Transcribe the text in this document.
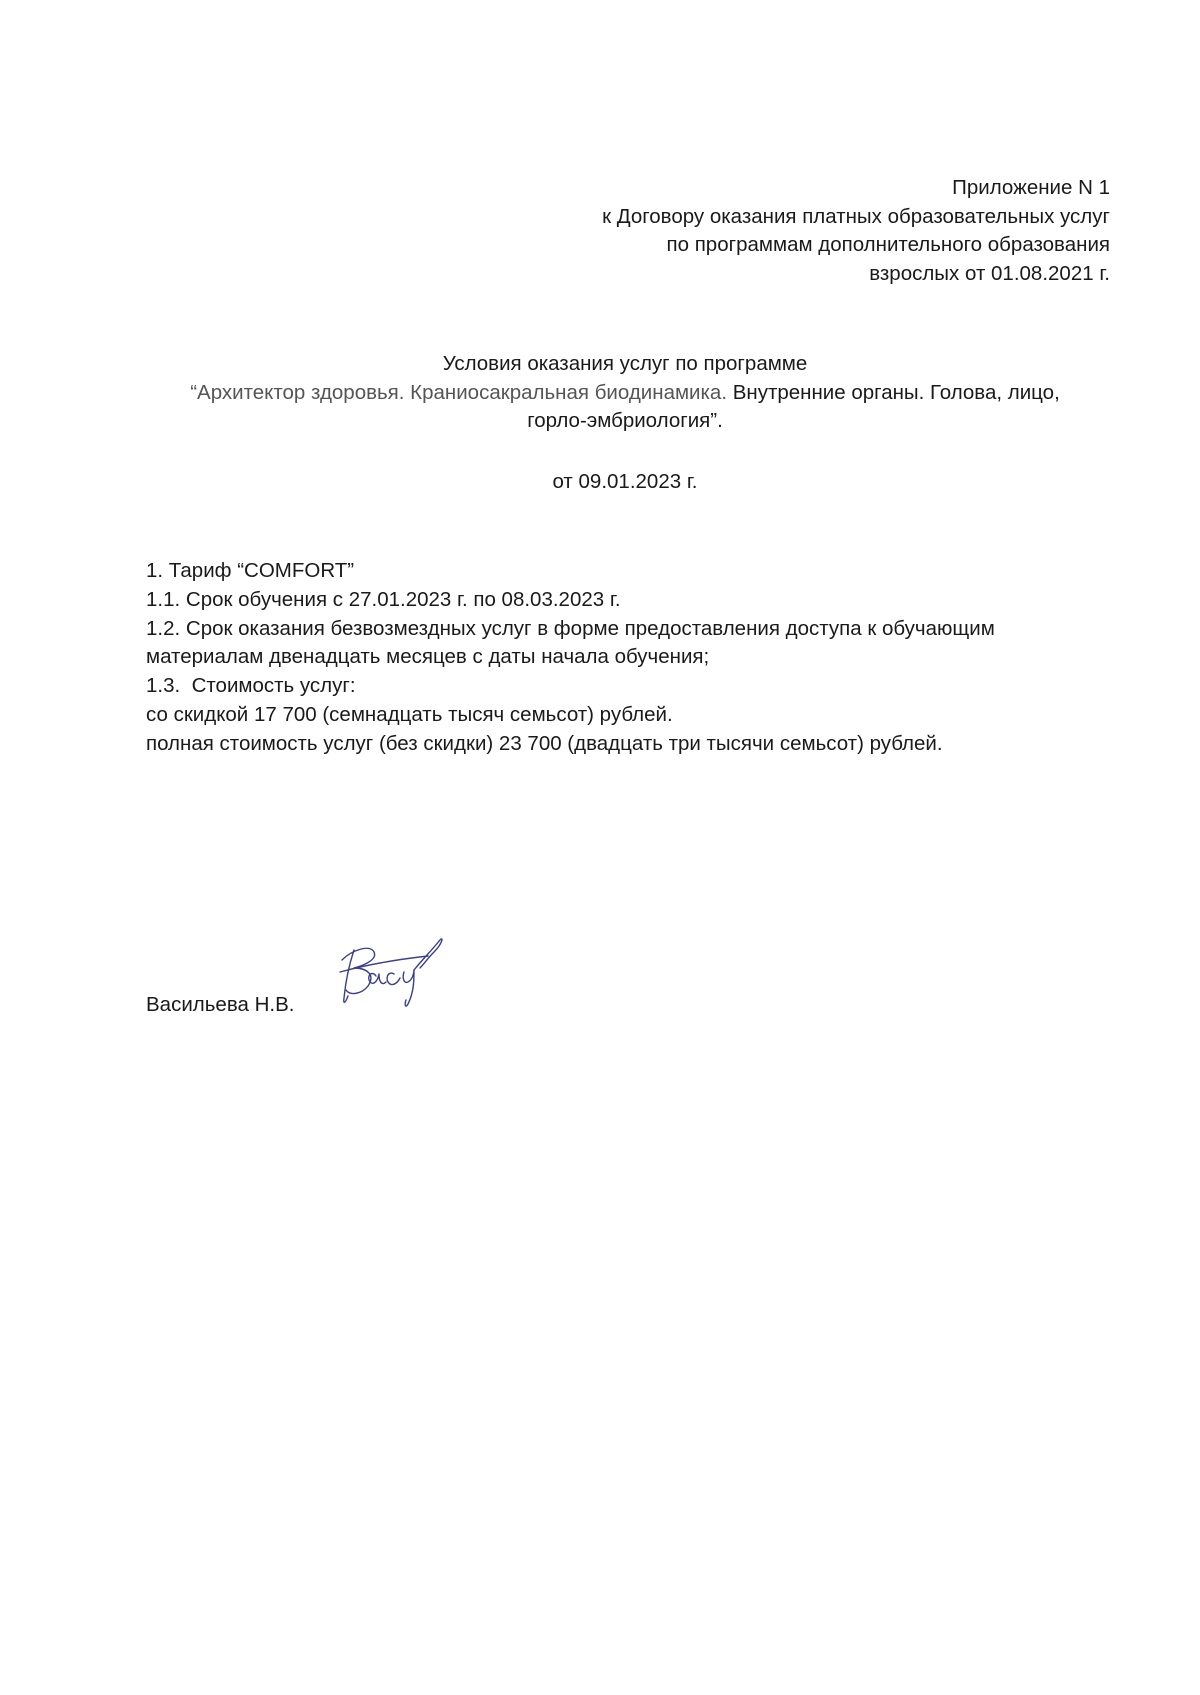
Приложение N 1
к Договору оказания платных образовательных услуг
по программам дополнительного образования
взрослых от 01.08.2021 г.
Условия оказания услуг по программе
“Архитектор здоровья. Краниосакральная биодинамика. Внутренние органы. Голова, лицо,
горло-эмбриология”.
от 09.01.2023 г.
1. Тариф “COMFORT”
1.1. Срок обучения с 27.01.2023 г. по 08.03.2023 г.
1.2. Срок оказания безвозмездных услуг в форме предоставления доступа к обучающим
материалам двенадцать месяцев с даты начала обучения;
1.3.  Стоимость услуг:
со скидкой 17 700 (семнадцать тысяч семьсот) рублей.
полная стоимость услуг (без скидки) 23 700 (двадцать три тысячи семьсот) рублей.
Васильева Н.В.
